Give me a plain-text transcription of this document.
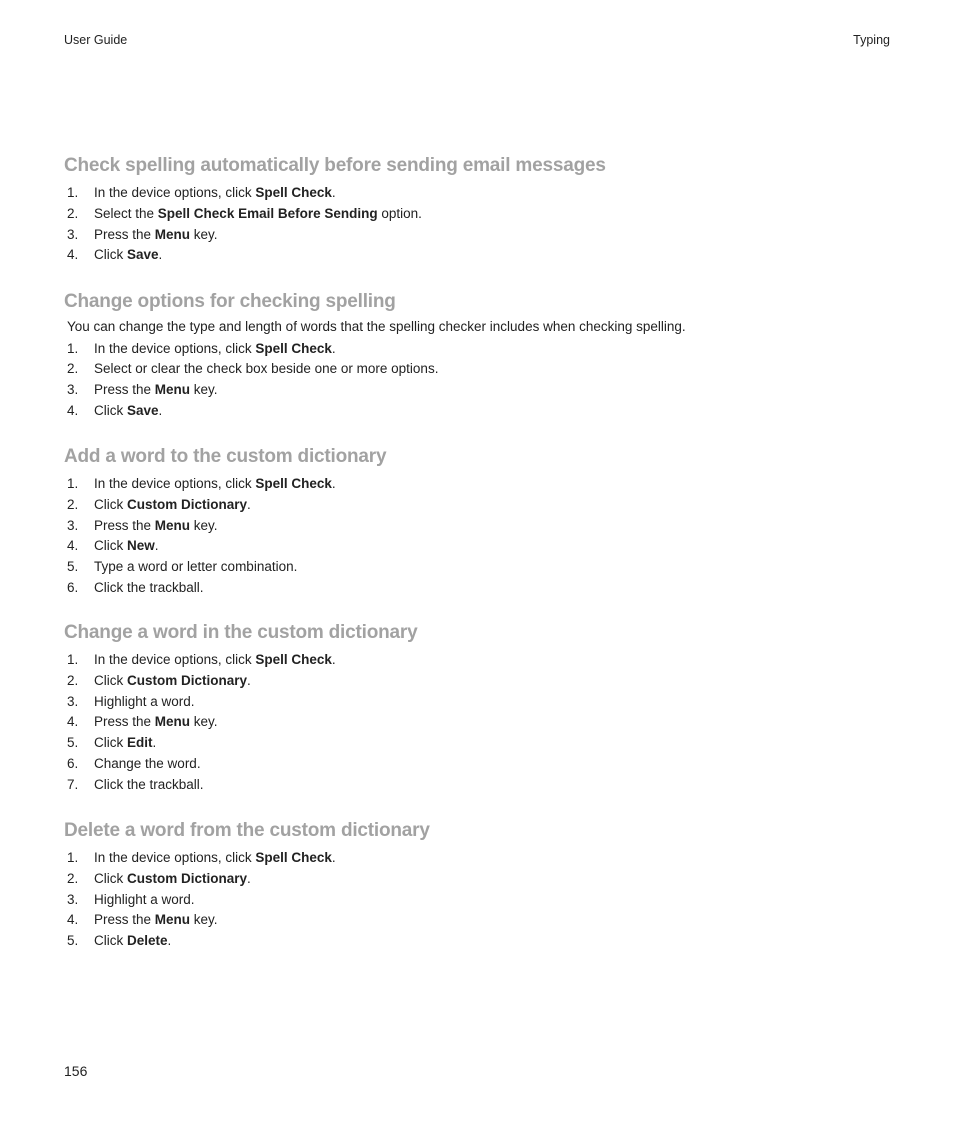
User Guide	Typing
Check spelling automatically before sending email messages
1. In the device options, click Spell Check.
2. Select the Spell Check Email Before Sending option.
3. Press the Menu key.
4. Click Save.
Change options for checking spelling

You can change the type and length of words that the spelling checker includes when checking spelling.

1. In the device options, click Spell Check.
2. Select or clear the check box beside one or more options.
3. Press the Menu key.
4. Click Save.
Add a word to the custom dictionary
1. In the device options, click Spell Check.
2. Click Custom Dictionary.
3. Press the Menu key.
4. Click New.
5. Type a word or letter combination.
6. Click the trackball.
Change a word in the custom dictionary
1. In the device options, click Spell Check.
2. Click Custom Dictionary.
3. Highlight a word.
4. Press the Menu key.
5. Click Edit.
6. Change the word.
7. Click the trackball.
Delete a word from the custom dictionary
1. In the device options, click Spell Check.
2. Click Custom Dictionary.
3. Highlight a word.
4. Press the Menu key.
5. Click Delete.
156
